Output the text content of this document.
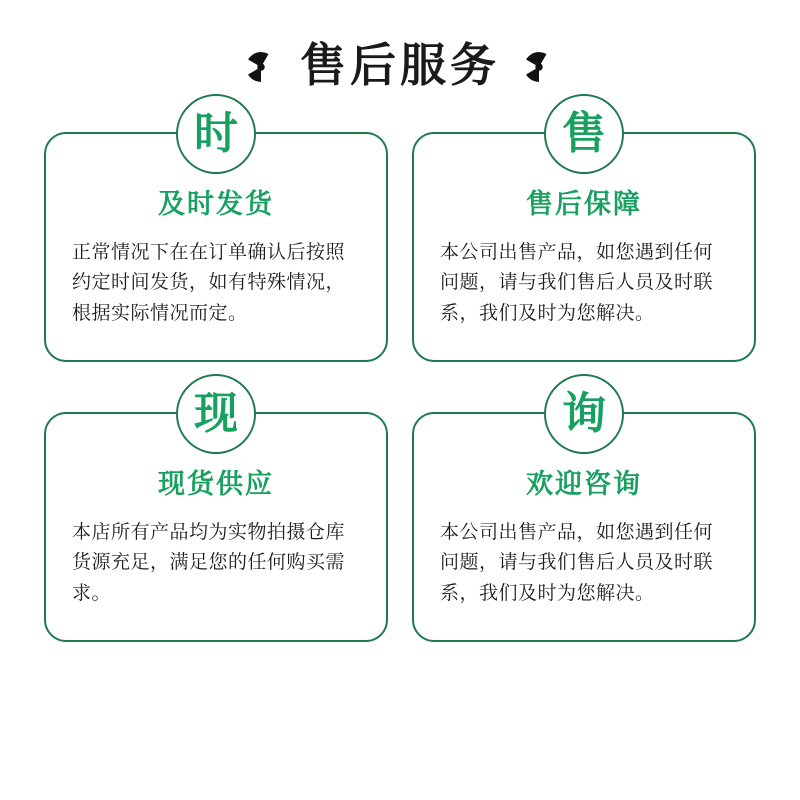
售后服务
时
及时发货
正常情况下在在订单确认后按照约定时间发货，如有特殊情况，根据实际情况而定。
售
售后保障
本公司出售产品，如您遇到任何问题，请与我们售后人员及时联系，我们及时为您解决。
现
现货供应
本店所有产品均为实物拍摄仓库货源充足，满足您的任何购买需求。
询
欢迎咨询
本公司出售产品，如您遇到任何问题，请与我们售后人员及时联系，我们及时为您解决。
